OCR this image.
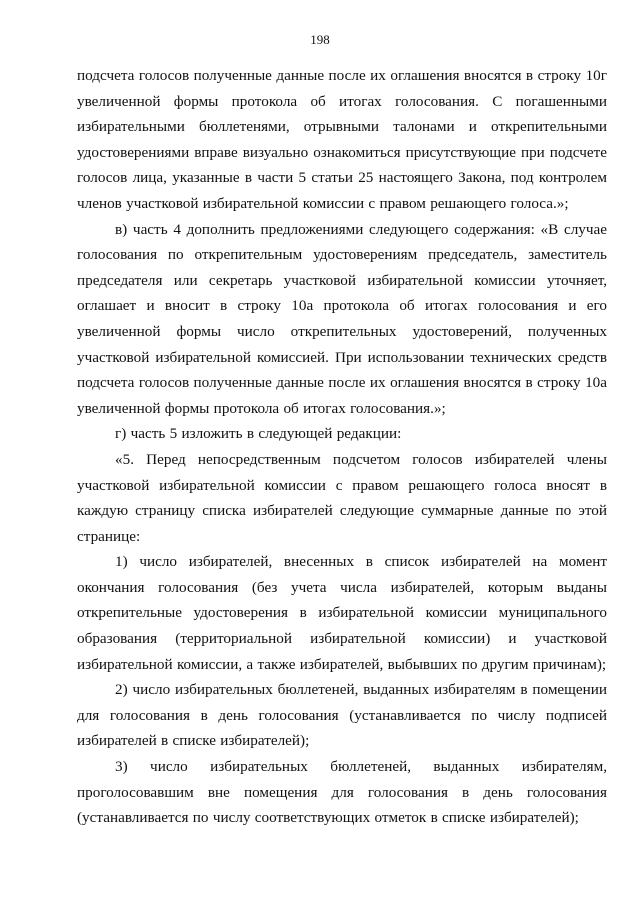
198

подсчета голосов полученные данные после их оглашения вносятся в строку 10г увеличенной формы протокола об итогах голосования. С погашенными избирательными бюллетенями, отрывными талонами и открепительными удостоверениями вправе визуально ознакомиться присутствующие при подсчете голосов лица, указанные в части 5 статьи 25 настоящего Закона, под контролем членов участковой избирательной комиссии с правом решающего голоса.»;

в) часть 4 дополнить предложениями следующего содержания: «В случае голосования по открепительным удостоверениям председатель, заместитель председателя или секретарь участковой избирательной комиссии уточняет, оглашает и вносит в строку 10а протокола об итогах голосования и его увеличенной формы число открепительных удостоверений, полученных участковой избирательной комиссией. При использовании технических средств подсчета голосов полученные данные после их оглашения вносятся в строку 10а увеличенной формы протокола об итогах голосования.»;

г) часть 5 изложить в следующей редакции:

«5. Перед непосредственным подсчетом голосов избирателей члены участковой избирательной комиссии с правом решающего голоса вносят в каждую страницу списка избирателей следующие суммарные данные по этой странице:

1) число избирателей, внесенных в список избирателей на момент окончания голосования (без учета числа избирателей, которым выданы открепительные удостоверения в избирательной комиссии муниципального образования (территориальной избирательной комиссии) и участковой избирательной комиссии, а также избирателей, выбывших по другим причинам);

2) число избирательных бюллетеней, выданных избирателям в помещении для голосования в день голосования (устанавливается по числу подписей избирателей в списке избирателей);

3) число избирательных бюллетеней, выданных избирателям, проголосовавшим вне помещения для голосования в день голосования (устанавливается по числу соответствующих отметок в списке избирателей);
